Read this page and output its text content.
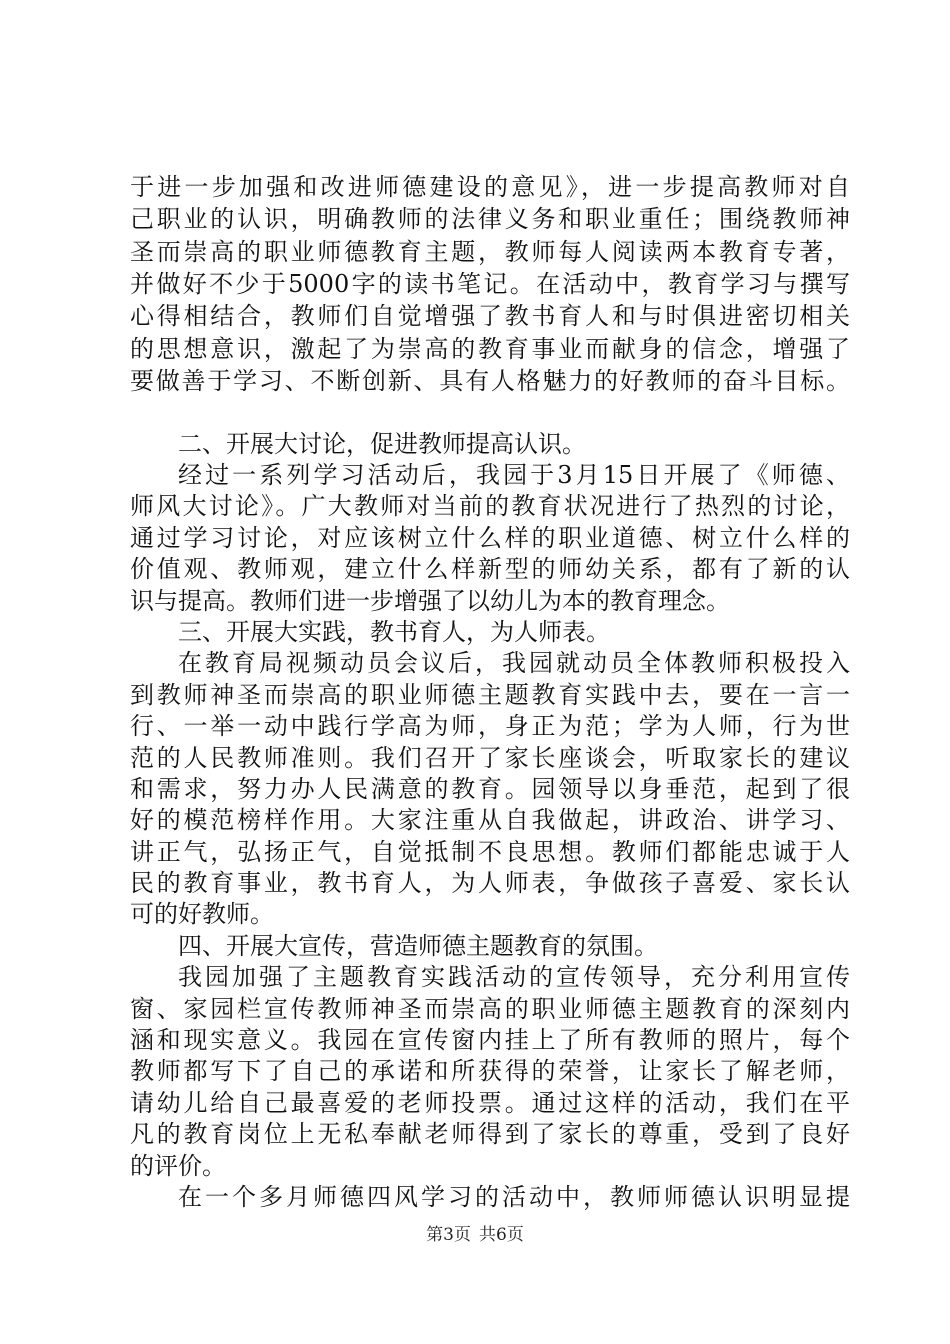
于进一步加强和改进师德建设的意见》，进一步提高教师对自
己职业的认识，明确教师的法律义务和职业重任；围绕教师神
圣而崇高的职业师德教育主题，教师每人阅读两本教育专著，
并做好不少于5000字的读书笔记。在活动中，教育学习与撰写
心得相结合，教师们自觉增强了教书育人和与时俱进密切相关
的思想意识，激起了为崇高的教育事业而献身的信念，增强了
要做善于学习、不断创新、具有人格魅力的好教师的奋斗目标。
二、开展大讨论，促进教师提高认识。
经过一系列学习活动后，我园于3月15日开展了《师德、
师风大讨论》。广大教师对当前的教育状况进行了热烈的讨论，
通过学习讨论，对应该树立什么样的职业道德、树立什么样的
价值观、教师观，建立什么样新型的师幼关系，都有了新的认
识与提高。教师们进一步增强了以幼儿为本的教育理念。
三、开展大实践，教书育人，为人师表。
在教育局视频动员会议后，我园就动员全体教师积极投入
到教师神圣而崇高的职业师德主题教育实践中去，要在一言一
行、一举一动中践行学高为师，身正为范；学为人师，行为世
范的人民教师准则。我们召开了家长座谈会，听取家长的建议
和需求，努力办人民满意的教育。园领导以身垂范，起到了很
好的模范榜样作用。大家注重从自我做起，讲政治、讲学习、
讲正气，弘扬正气，自觉抵制不良思想。教师们都能忠诚于人
民的教育事业，教书育人，为人师表，争做孩子喜爱、家长认
可的好教师。
四、开展大宣传，营造师德主题教育的氛围。
我园加强了主题教育实践活动的宣传领导，充分利用宣传
窗、家园栏宣传教师神圣而崇高的职业师德主题教育的深刻内
涵和现实意义。我园在宣传窗内挂上了所有教师的照片，每个
教师都写下了自己的承诺和所获得的荣誉，让家长了解老师，
请幼儿给自己最喜爱的老师投票。通过这样的活动，我们在平
凡的教育岗位上无私奉献老师得到了家长的尊重，受到了良好
的评价。
在一个多月师德四风学习的活动中，教师师德认识明显提
第3页 共6页
